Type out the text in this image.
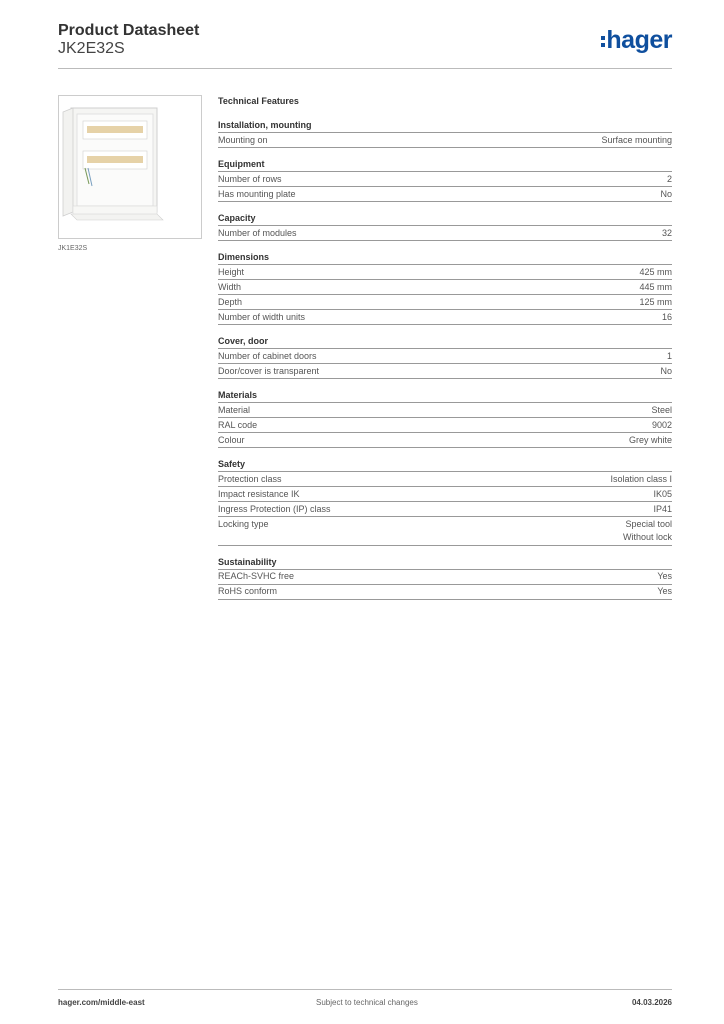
Product Datasheet
JK2E32S	hager
JK1E32S
Technical Features
Installation, mounting
Mounting on	Surface mounting
Equipment
Number of rows	2
Has mounting plate	No
Capacity
Number of modules	32
Dimensions
Height	425 mm
Width	445 mm
Depth	125 mm
Number of width units	16
Cover, door
Number of cabinet doors	1
Door/cover is transparent	No
Materials
Material	Steel
RAL code	9002
Colour	Grey white
Safety
Protection class	Isolation class I
Impact resistance IK	IK05
Ingress Protection (IP) class	IP41
Locking type	Special tool
Without lock
Sustainability
REACh-SVHC free	Yes
RoHS conform	Yes
hager.com/middle-east	Subject to technical changes	04.03.2026
